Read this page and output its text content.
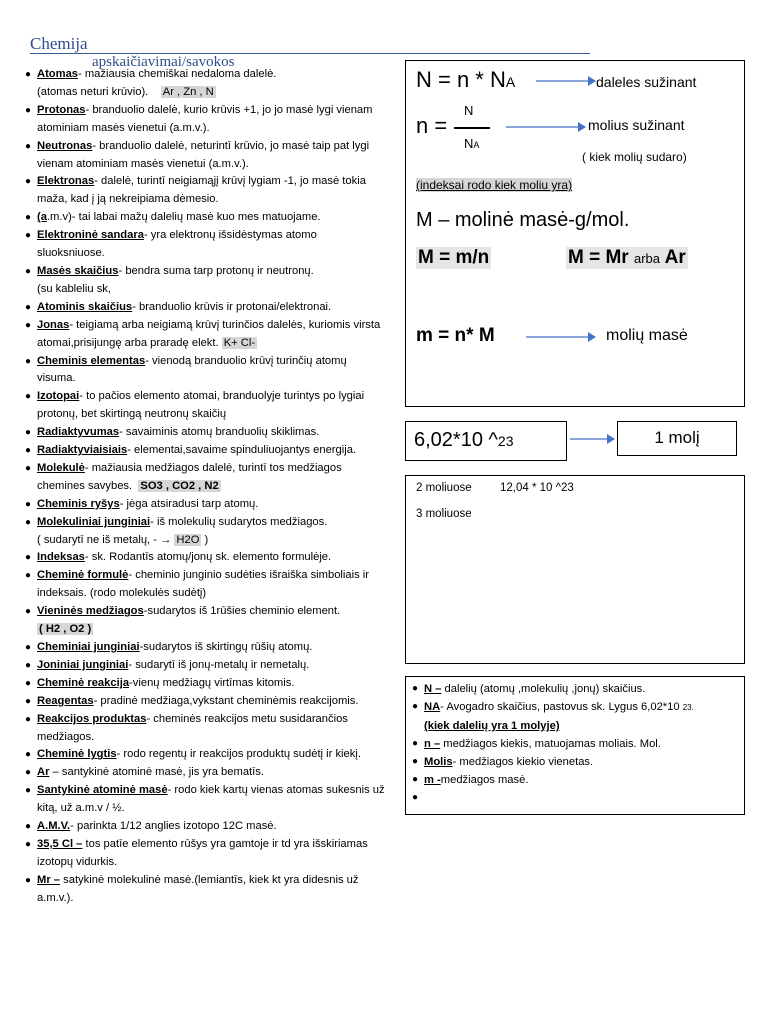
Chemija
apskaičiavimai/savokos
● Atomas- mažiausia chemiškai nedaloma dalelė.
(atomas neturi krūvio). Ar , Zn , N
● Protonas- branduolio dalelė, kurio krūvis +1, jo jo masė lygi vienam atominiam masės vienetui (a.m.v.).
● Neutronas- branduolio dalelė, neturintī krūvio, jo masė taip pat lygi vienam atominiam masės vienetui (a.m.v.).
● Elektronas- dalelė, turintī neigiamąjį krūvį lygiam -1, jo masė tokia maža, kad į ją nekreipiama dėmesio.
● (a.m.v)- tai labai mažų dalelių masė kuo mes matuojame.
● Elektroninė sandara- yra elektronų išsidėstymas atomo sluoksniuose.
● Masės skaičius- bendra suma tarp protonų ir neutronų.
(su kableliu sk,
● Atominis skaičius- branduolio krūvis ir protonai/elektronai.
● Jonas- teigiamą arba neigiamą krūvį turinčios dalelės, kuriomis virsta atomai,prisijungę arba praradę elekt. K+ Cl-
● Cheminis elementas- vienodą branduolio krūvį turinčių atomų visuma.
● Izotopai- to pačios elemento atomai, branduolyje turintys po lygiai protonų, bet skirtingą neutronų skaičių
● Radiaktyvumas- savaiminis atomų branduolių skiklimas.
● Radiaktyviaisiais- elementai,savaime spinduliuojantys energija.
● Molekulė- mažiausia medžiagos dalelė, turintī tos medžiagos chemines savybes. SO3 , CO2 , N2
● Cheminis ryšys- jėga atsiradusi tarp atomų.
● Molekuliniai junginiai- iš molekulių sudarytos medžiagos.
( sudarytī ne iš metalų, - → H2O )
● Indeksas- sk. Rodantīs atomų/jonų sk. elemento formulėje.
● Cheminė formulė- cheminio junginio sudėties išraiška simboliais ir indeksais. (rodo molekulės sudėtį)
● Vieninės medžiagos-sudarytos iš 1rūšies cheminio element.
( H2 , O2 )
● Cheminiai junginiai-sudarytos iš skirtingų rūšių atomų.
● Joniniai junginiai- sudarytī iš jonų-metalų ir nemetalų.
● Cheminė reakcija-vienų medžiagų virtīmas kitomis.
● Reagentas- pradinė medžiaga,vykstant cheminėmis reakcijomis.
● Reakcijos produktas- cheminės reakcijos metu susidarančios medžiagos.
● Cheminė lygtis- rodo regentų ir reakcijos produktų sudėtį ir kiekį.
● Ar – santykinė atominė masė, jis yra bematīs.
● Santykinė atominė masė- rodo kiek kartų vienas atomas sukesnis už kitą, už a.m.v / ½.
● A.M.V.- parinkta 1/12 anglies izotopo 12C masė.
● 35,5 Cl – tos patīe elemento rūšys yra gamtoje ir td yra išskiriamas izotopų vidurkis.
● Mr – satykinė molekulinė masė.(lemiantīs, kiek kt yra didesnis už a.m.v.).
N = n * NA	daleles sužinant
n =
N
NA
molius sužinant
( kiek molių sudaro)
(indeksai rodo kiek moliu yra)
M – molinė masė-g/mol.
M = m/n	M = Mr arba Ar
m = n* M	molių masė
6,02*10 ^23	1 molį
2 moliuose 12,04 * 10 ^23
3 moliuose
● N – dalelių (atomų ,molekulių ,jonų) skaičius.
● NA- Avogadro skaičius, pastovus sk. Lygus 6,02*10 23.
(kiek dalelių yra 1 molyje)
● n – medžiagos kiekis, matuojamas moliais. Mol.
● Molis- medžiagos kiekio vienetas.
● m -medžiagos masė.
●
